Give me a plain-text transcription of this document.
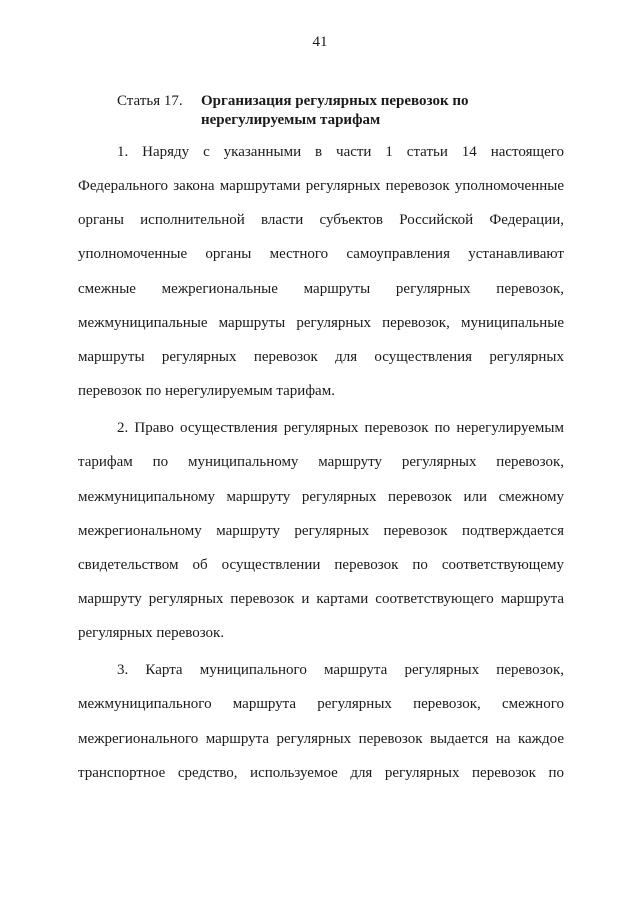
41
Статья 17. Организация регулярных перевозок по
нерегулируемым тарифам
1. Наряду с указанными в части 1 статьи 14 настоящего
Федерального закона маршрутами регулярных перевозок уполномоченные
органы исполнительной власти субъектов Российской Федерации,
уполномоченные органы местного самоуправления устанавливают
смежные межрегиональные маршруты регулярных перевозок,
межмуниципальные маршруты регулярных перевозок, муниципальные
маршруты регулярных перевозок для осуществления регулярных
перевозок по нерегулируемым тарифам.
2. Право осуществления регулярных перевозок по нерегулируемым
тарифам по муниципальному маршруту регулярных перевозок,
межмуниципальному маршруту регулярных перевозок или смежному
межрегиональному маршруту регулярных перевозок подтверждается
свидетельством об осуществлении перевозок по соответствующему
маршруту регулярных перевозок и картами соответствующего маршрута
регулярных перевозок.
3. Карта муниципального маршрута регулярных перевозок,
межмуниципального маршрута регулярных перевозок, смежного
межрегионального маршрута регулярных перевозок выдается на каждое
транспортное средство, используемое для регулярных перевозок по
